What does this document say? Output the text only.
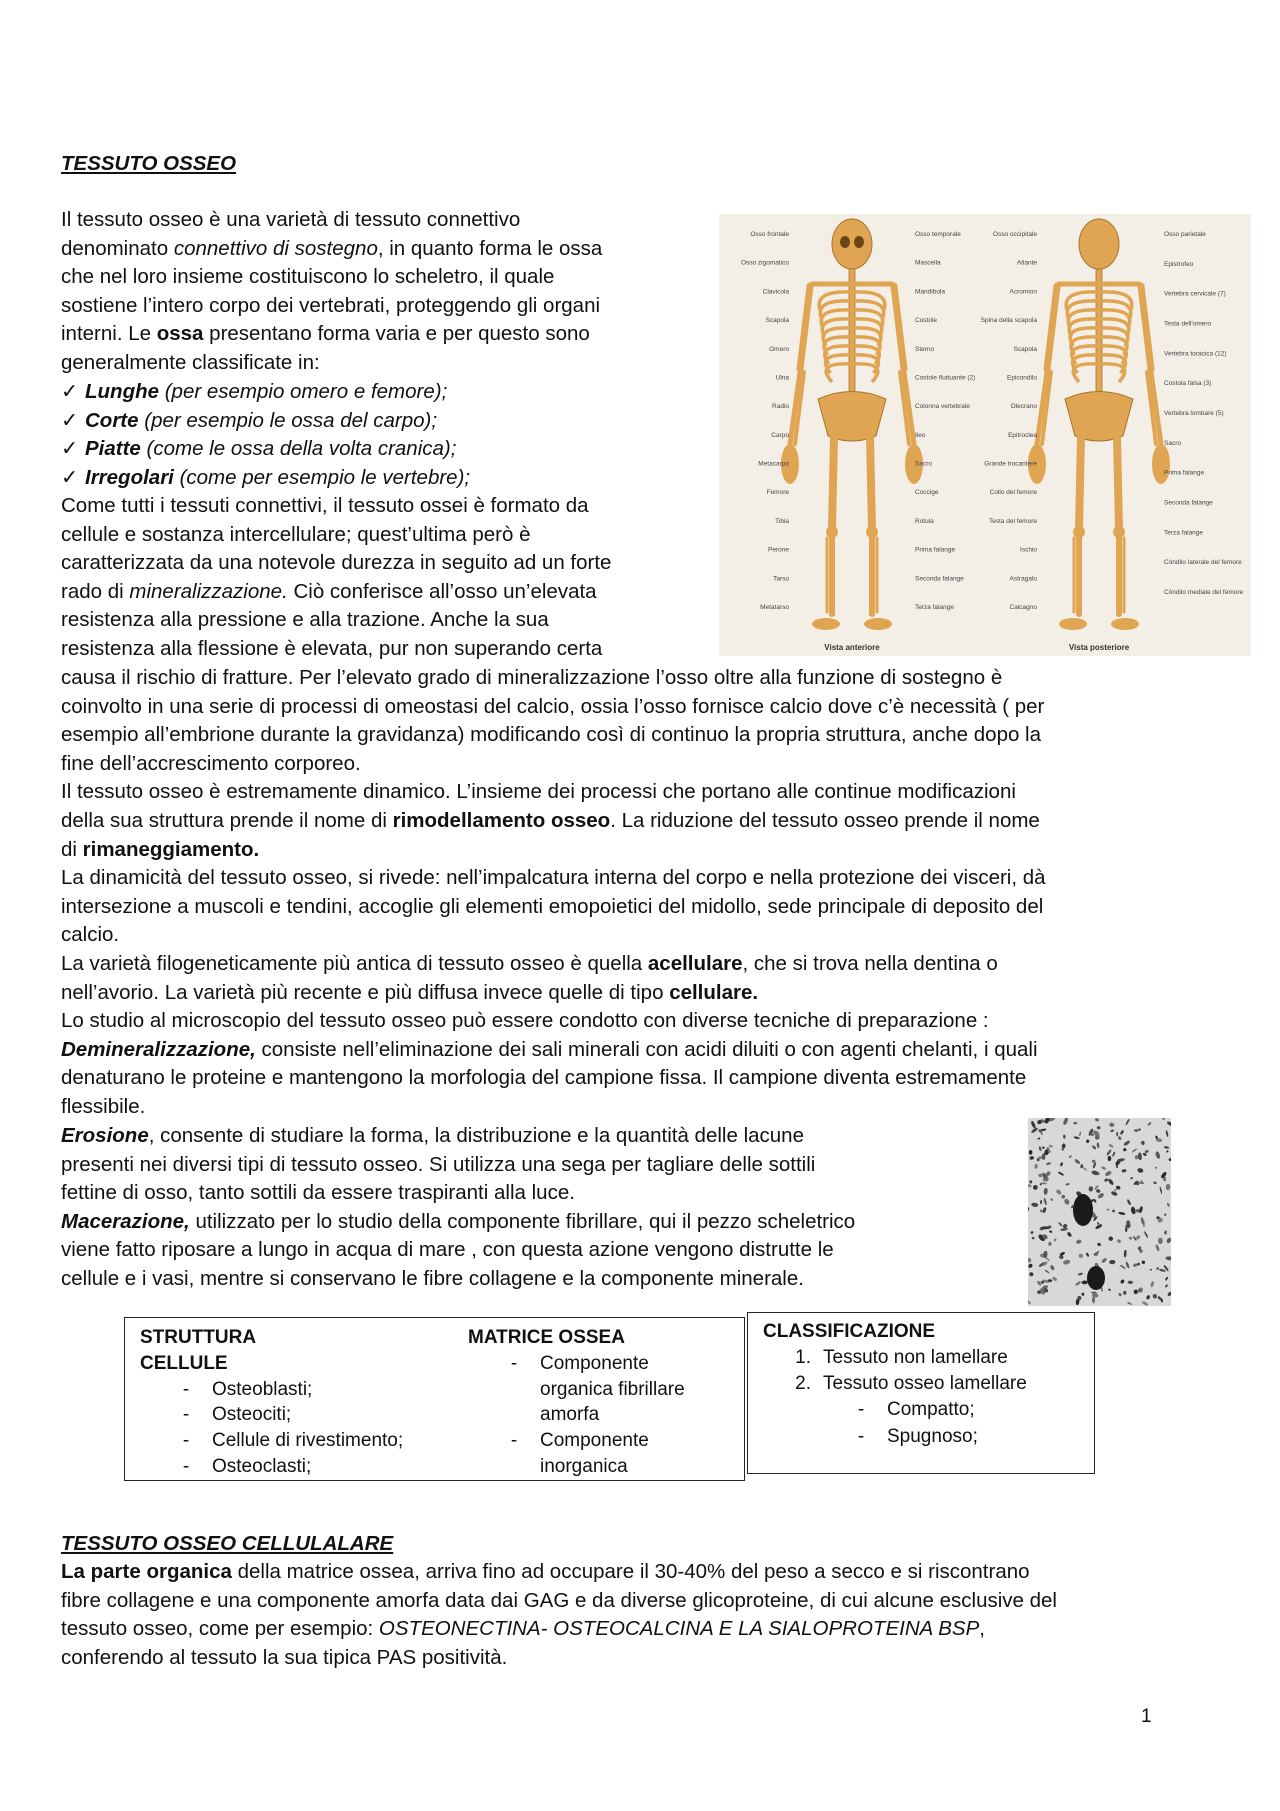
TESSUTO OSSEO
Il tessuto osseo è una varietà di tessuto connettivo
denominato connettivo di sostegno, in quanto forma le ossa
che nel loro insieme costituiscono lo scheletro, il quale
sostiene l’intero corpo dei vertebrati, proteggendo gli organi
interni. Le ossa presentano forma varia e per questo sono
generalmente classificate in:
✓ Lunghe (per esempio omero e femore);
✓ Corte (per esempio le ossa del carpo);
✓ Piatte (come le ossa della volta cranica);
✓ Irregolari (come per esempio le vertebre);
Come tutti i tessuti connettivi, il tessuto ossei è formato da
cellule e sostanza intercellulare; quest’ultima però è
caratterizzata da una notevole durezza in seguito ad un forte
rado di mineralizzazione. Ciò conferisce all’osso un’elevata
resistenza alla pressione e alla trazione. Anche la sua
resistenza alla flessione è elevata, pur non superando certa
causa il rischio di fratture. Per l’elevato grado di mineralizzazione l’osso oltre alla funzione di sostegno è
coinvolto in una serie di processi di omeostasi del calcio, ossia l’osso fornisce calcio dove c’è necessità ( per
esempio all’embrione durante la gravidanza) modificando così di continuo la propria struttura, anche dopo la
fine dell’accrescimento corporeo.
Il tessuto osseo è estremamente dinamico. L’insieme dei processi che portano alle continue modificazioni
della sua struttura prende il nome di rimodellamento osseo. La riduzione del tessuto osseo prende il nome
di rimaneggiamento.
La dinamicità del tessuto osseo, si rivede: nell’impalcatura interna del corpo e nella protezione dei visceri, dà
intersezione a muscoli e tendini, accoglie gli elementi emopoietici del midollo, sede principale di deposito del
calcio.
La varietà filogeneticamente più antica di tessuto osseo è quella acellulare, che si trova nella dentina o
nell’avorio. La varietà più recente e più diffusa invece quelle di tipo cellulare.
Lo studio al microscopio del tessuto osseo può essere condotto con diverse tecniche di preparazione :
Demineralizzazione, consiste nell’eliminazione dei sali minerali con acidi diluiti o con agenti chelanti, i quali
denaturano le proteine e mantengono la morfologia del campione fissa. Il campione diventa estremamente
flessibile.
Erosione, consente di studiare la forma, la distribuzione e la quantità delle lacune
presenti nei diversi tipi di tessuto osseo. Si utilizza una sega per tagliare delle sottili
fettine di osso, tanto sottili da essere traspiranti alla luce.
Macerazione, utilizzato per lo studio della componente fibrillare, qui il pezzo scheletrico
viene fatto riposare a lungo in acqua di mare , con questa azione vengono distrutte le
cellule e i vasi, mentre si conservano le fibre collagene e la componente minerale.
Osso frontale
Osso zigomatico
Clavicola
Scapola
Omero
Ulna
Radio
Carpo
Metacarpo
Femore
Tibia
Perone
Tarso
Metatarso
Osso temporale
Mascella
Mandibola
Costole
Sterno
Costole fluttuante (2)
Colonna vertebrale
Ileo
Sacro
Coccige
Rotula
Prima falange
Seconda falange
Terza falange
Osso occipitale
Atlante
Acromion
Spina della scapola
Scapola
Epicondilo
Olecrano
Epitroclea
Grande trocantere
Collo del femore
Testa del femore
Ischio
Astragalo
Calcagno
Osso parietale
Epistrofeo
Vertebra cervicale (7)
Testa dell'omero
Vertebra toracica (12)
Costola falsa (3)
Vertebra lombare (5)
Sacro
Prima falange
Seconda falange
Terza falange
Còndilo laterale del femore
Còndilo mediale del femore
Vista anteriore	Vista posteriore
STRUTTURA
CELLULE
- Osteoblasti;
- Osteociti;
- Cellule di rivestimento;
- Osteoclasti;
MATRICE OSSEA
- Componente
organica fibrillare
amorfa
- Componente
inorganica
CLASSIFICAZIONE
1. Tessuto non lamellare
2. Tessuto osseo lamellare
- Compatto;
- Spugnoso;
TESSUTO OSSEO CELLULALARE
La parte organica della matrice ossea, arriva fino ad occupare il 30-40% del peso a secco e si riscontrano
fibre collagene e una componente amorfa data dai GAG e da diverse glicoproteine, di cui alcune esclusive del
tessuto osseo, come per esempio: OSTEONECTINA- OSTEOCALCINA E LA SIALOPROTEINA BSP,
conferendo al tessuto la sua tipica PAS positività.
1
